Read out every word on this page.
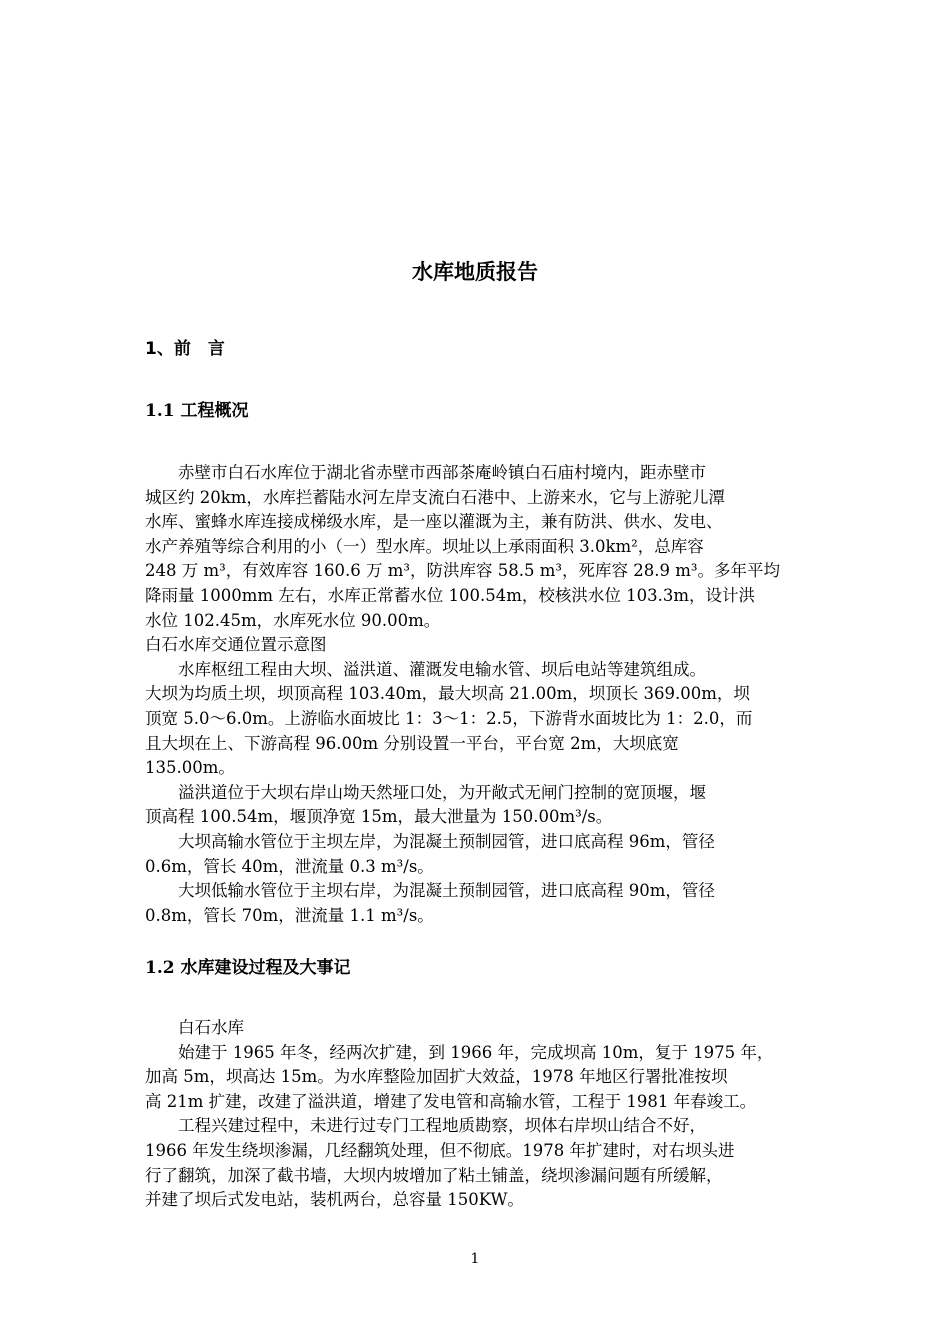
水库地质报告
1、前　言
1.1 工程概况

　　赤壁市白石水库位于湖北省赤壁市西部茶庵岭镇白石庙村境内，距赤壁市

城区约 20km，水库拦蓄陆水河左岸支流白石港中、上游来水，它与上游驼儿潭

水库、蜜蜂水库连接成梯级水库，是一座以灌溉为主，兼有防洪、供水、发电、

水产养殖等综合利用的小（一）型水库。坝址以上承雨面积 3.0km²，总库容

248 万 m³，有效库容 160.6 万 m³，防洪库容 58.5 m³，死库容 28.9 m³。多年平均

降雨量 1000mm 左右，水库正常蓄水位 100.54m，校核洪水位 103.3m，设计洪

水位 102.45m，水库死水位 90.00m。

白石水库交通位置示意图

　　水库枢纽工程由大坝、溢洪道、灌溉发电输水管、坝后电站等建筑组成。

大坝为均质土坝，坝顶高程 103.40m，最大坝高 21.00m，坝顶长 369.00m，坝

顶宽 5.0～6.0m。上游临水面坡比 1：3～1：2.5，下游背水面坡比为 1：2.0，而

且大坝在上、下游高程 96.00m 分别设置一平台，平台宽 2m，大坝底宽

135.00m。

　　溢洪道位于大坝右岸山坳天然垭口处，为开敞式无闸门控制的宽顶堰，堰

顶高程 100.54m，堰顶净宽 15m，最大泄量为 150.00m³/s。

　　大坝高输水管位于主坝左岸，为混凝土预制园管，进口底高程 96m，管径

0.6m，管长 40m，泄流量 0.3 m³/s。

　　大坝低输水管位于主坝右岸，为混凝土预制园管，进口底高程 90m，管径

0.8m，管长 70m，泄流量 1.1 m³/s。

1.2 水库建设过程及大事记

　　白石水库

　　始建于 1965 年冬，经两次扩建，到 1966 年，完成坝高 10m，复于 1975 年，

加高 5m，坝高达 15m。为水库整险加固扩大效益，1978 年地区行署批准按坝

高 21m 扩建，改建了溢洪道，增建了发电管和高输水管，工程于 1981 年春竣工。

　　工程兴建过程中，未进行过专门工程地质勘察，坝体右岸坝山结合不好，

1966 年发生绕坝渗漏，几经翻筑处理，但不彻底。1978 年扩建时，对右坝头进

行了翻筑，加深了截书墙，大坝内坡增加了粘土铺盖，绕坝渗漏问题有所缓解，

并建了坝后式发电站，装机两台，总容量 150KW。

1
